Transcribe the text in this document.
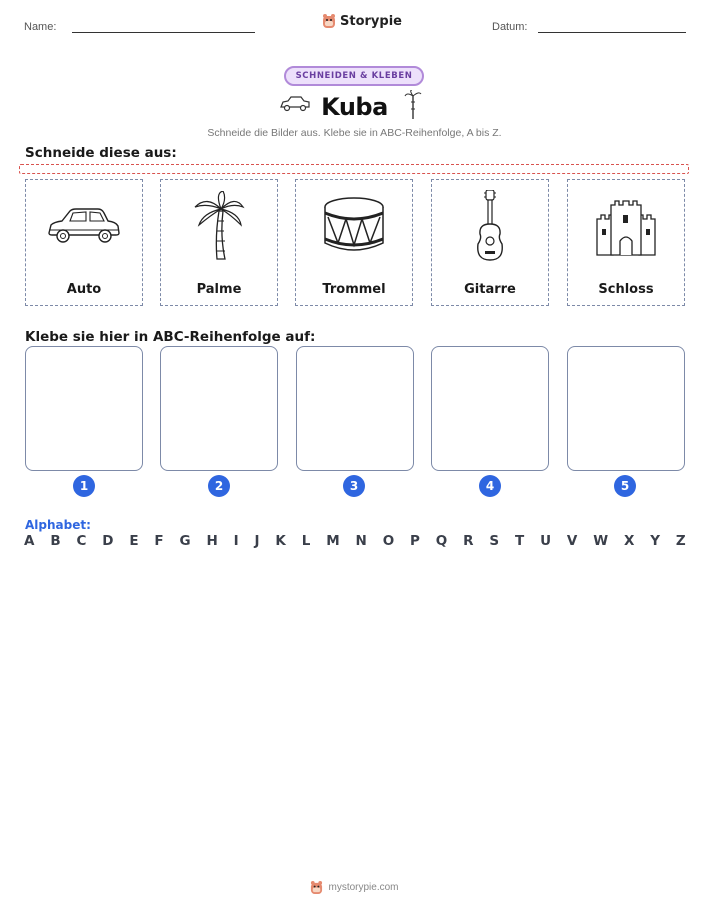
Name:	Storypie	Datum:
SCHNEIDEN & KLEBEN
Kuba
Schneide die Bilder aus. Klebe sie in ABC-Reihenfolge, A bis Z.
Schneide diese aus:
Auto	Palme	Trommel	Gitarre	Schloss
Klebe sie hier in ABC-Reihenfolge auf:
1	2	3	4	5
Alphabet:
A B C D E F G H I J K L M N O P Q R S T U V W X Y Z
mystorypie.com
